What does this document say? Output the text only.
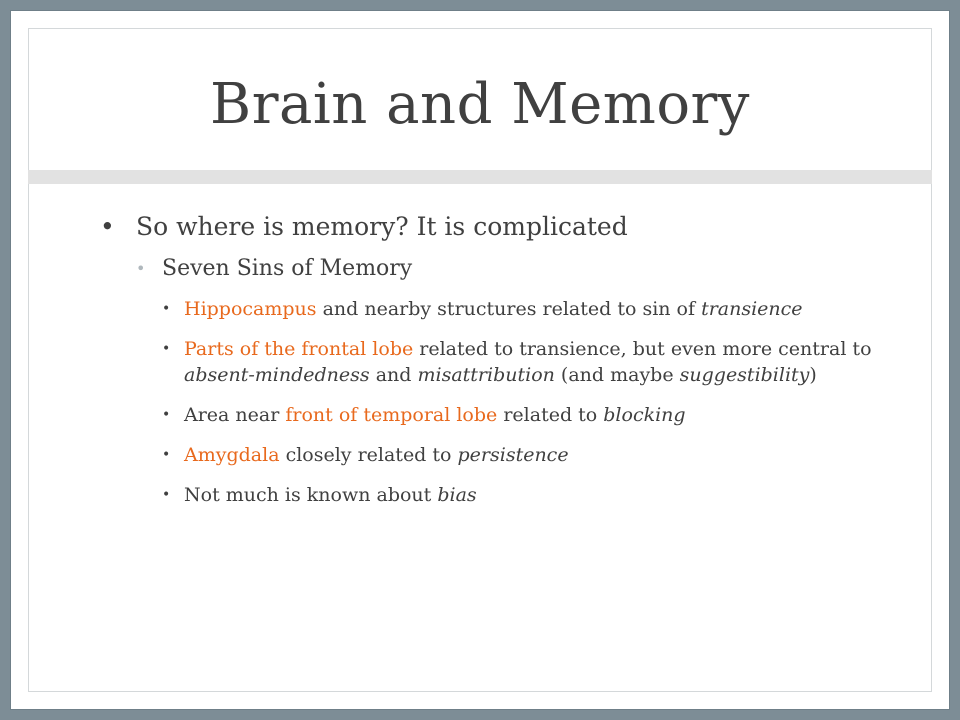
Brain and Memory
• So where is memory? It is complicated
• Seven Sins of Memory
• Hippocampus and nearby structures related to sin of transience
• Parts of the frontal lobe related to transience, but even more central to absent-mindedness and misattribution (and maybe suggestibility)
• Area near front of temporal lobe related to blocking
• Amygdala closely related to persistence
• Not much is known about bias
